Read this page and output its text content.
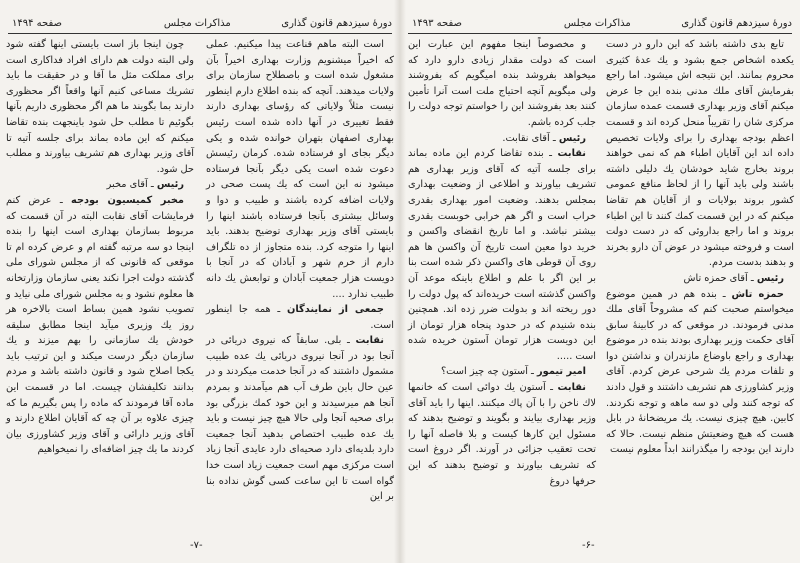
دورهٔ سیزدهم قانون گذاری
مذاکرات مجلس
صفحه ۱۴۹۴

است البته ماهم قناعت پیدا میکنیم. عملی که اخیراً میشنویم وزارت بهداری اخیراً بآن مشغول شده است و باصطلاح سازمان برای ولایات میدهند. آنچه که بنده اطلاع دارم اینطور نیست مثلاً ولایاتی که رؤسای بهداری دارند فقط تغییری در آنها داده شده است رئیس بهداری اصفهان بتهران خوانده شده و یکی دیگر بجای او فرستاده شده. کرمان رئیسش دعوت شده است یکی دیگر بآنجا فرستاده میشود نه این است که یك پست صحی در ولایات اضافه کرده باشند و طبیب و دوا و وسائل بیشتری بآنجا فرستاده باشند اینها را بایستی آقای وزیر بهداری توضیح بدهند. باید اینها را متوجه کرد. بنده متجاوز از ده تلگراف دارم از خرم شهر و آبادان که در آنجا با دویست هزار جمعیت آبادان و توابعش یك دانه طبیب ندارد ....

جمعی از نمایندگان ـ همه جا اینطور است.

نقابت ـ بلی. سابقاً که نیروی دریائی در آنجا بود در آنجا نیروی دریائی یك عده طبیب مشمول داشتند که در آنجا خدمت میکردند و در عین حال باین طرف آب هم میآمدند و بمردم آنجا هم میرسیدند و این خود کمك بزرگی بود برای صحیه آنجا ولی حالا هیچ چیز نیست و باید یك عده طبیب اختصاص بدهید آنجا جمعیت دارد بلدیه‌ای دارد صحیه‌ای دارد عایدی آنجا زیاد است مرکزی مهم است جمعیت زیاد است خدا گواه است تا این ساعت کسی گوش نداده بنا بر این

چون اینجا باز است بایستی اینها گفته شود ولی البته دولت هم دارای افراد فداکاری است برای مملکت مثل ما آقا و در حقیقت ما باید تشریك مساعی کنیم آنها واقعاً اگر محظوری دارند بما بگویند ما هم اگر محظوری داریم بآنها بگوئیم تا مطلب حل شود باینجهت بنده تقاضا میکنم که این ماده بماند برای جلسه آتیه تا آقای وزیر بهداری هم تشریف بیاورند و مطلب حل شود.

رئیس ـ آقای مخبر

مخبر کمیسیون بودجه ـ عرض کنم فرمایشات آقای نقابت البته در آن قسمت که مربوط بسازمان بهداری است اینها را بنده اینجا دو سه مرتبه گفته ام و عرض کرده ام تا موقعی که قانونی که از مجلس شورای ملی گذشته دولت اجرا نکند یعنی سازمان وزارتخانه ها معلوم نشود و به مجلس شورای ملی نیاید و تصویب نشود همین بساط است بالاخره هر روز یك وزیری میآید اینجا مطابق سلیقه خودش یك سازمانی را بهم میزند و یك سازمان دیگر درست میکند و این ترتیب باید یکجا اصلاح شود و قانون داشته باشد و مردم بدانند تکلیفشان چیست. اما در قسمت این ماده آقا فرمودند که ماده را پس بگیریم ما که چیزی علاوه بر آن چه که آقایان اطلاع دارند و آقای وزیر دارائی و آقای وزیر کشاورزی بیان کردند ما یك چیز اضافه‌ای را نمیخواهیم

-۷-
دورهٔ سیزدهم قانون گذاری
مذاکرات مجلس
صفحه ۱۴۹۳

تابع بدی داشته باشد که این دارو در دست یکعده اشخاص جمع بشود و یك عدهٔ کثیری محروم بمانند. این نتیجه اش میشود. اما راجع بفرمایش آقای ملك مدنی بنده این جا عرض میکنم آقای وزیر بهداری قسمت عمده سازمان مرکزی شان را تقریباً منحل کرده اند و قسمت اعظم بودجه بهداری را برای ولایات تخصیص داده اند این آقایان اطباء هم که نمی خواهند بروند بخارج شاید خودشان یك دلیلی داشته باشند ولی باید آنها را از لحاظ منافع عمومی کشور بروند بولایات و از آقایان هم تقاضا میکنم که در این قسمت کمك کنند تا این اطباء بروند و اما راجع بداروئی که در دست دولت است و فروخته میشود در عوض آن دارو بخرند و بدهند بدست مردم.

رئیس ـ آقای حمزه تاش

حمزه تاش ـ بنده هم در همین موضوع میخواستم صحبت کنم که مشروحاً آقای ملك مدنی فرمودند. در موقعی که در کابینهٔ سابق آقای حکمت وزیر بهداری بودند بنده در موضوع بهداری و راجع باوضاع مازندران و نداشتن دوا و تلفات مردم یك شرحی عرض کردم. آقای وزیر کشاورزی هم تشریف داشتند و قول دادند که توجه کنند ولی دو سه ماهه و توجه نکردند. کابین. هیچ چیزی نیست. یك مریضخانهٔ در بابل هست که هیچ وضعیتش منظم نیست. حالا که دارند این بودجه را میگذرانند ابداً معلوم نیست

و مخصوصاً اینجا مفهوم این عبارت این است که دولت مقدار زیادی دارو دارد که میخواهد بفروشد بنده امیگویم که بفروشند ولی میگویم آنچه احتیاج ملت است آنرا تأمین کنند بعد بفروشند این را خواستم توجه دولت را جلب کرده باشم.

رئیس ـ آقای نقابت.

نقابت ـ بنده تقاضا کردم این ماده بماند برای جلسه آتیه که آقای وزیر بهداری هم تشریف بیاورند و اطلاعی از وضعیت بهداری بمجلس بدهند. وضعیت امور بهداری بقدری خراب است و اگر هم خرابی خوبست بقدری بیشتر نباشد. و اما تاریخ انقضای واکسن و خرید دوا معین است تاریخ آن واکسن ها هم روی آن قوطی های واکسن ذکر شده است بنا بر این اگر با علم و اطلاع باینکه موعد آن واکسن گذشته است خریده‌اند که پول دولت را دور ریخته اند و بدولت ضرر زده اند. همچنین بنده شنیدم که در حدود پنجاه هزار تومان از این دویست هزار تومان آستون خریده شده است .....

امیر تیمور ـ آستون چه چیز است؟

نقابت ـ آستون یك دوائی است که خانمها لاك ناخن را با آن پاك میکنند. اینها را باید آقای وزیر بهداری بیایند و بگویند و توضیح بدهند که مسئول این کارها کیست و بلا فاصله آنها را تحت تعقیب جزائی در آورند. اگر دروغ است که تشریف بیاورند و توضیح بدهند که این حرفها دروغ

-۶-
